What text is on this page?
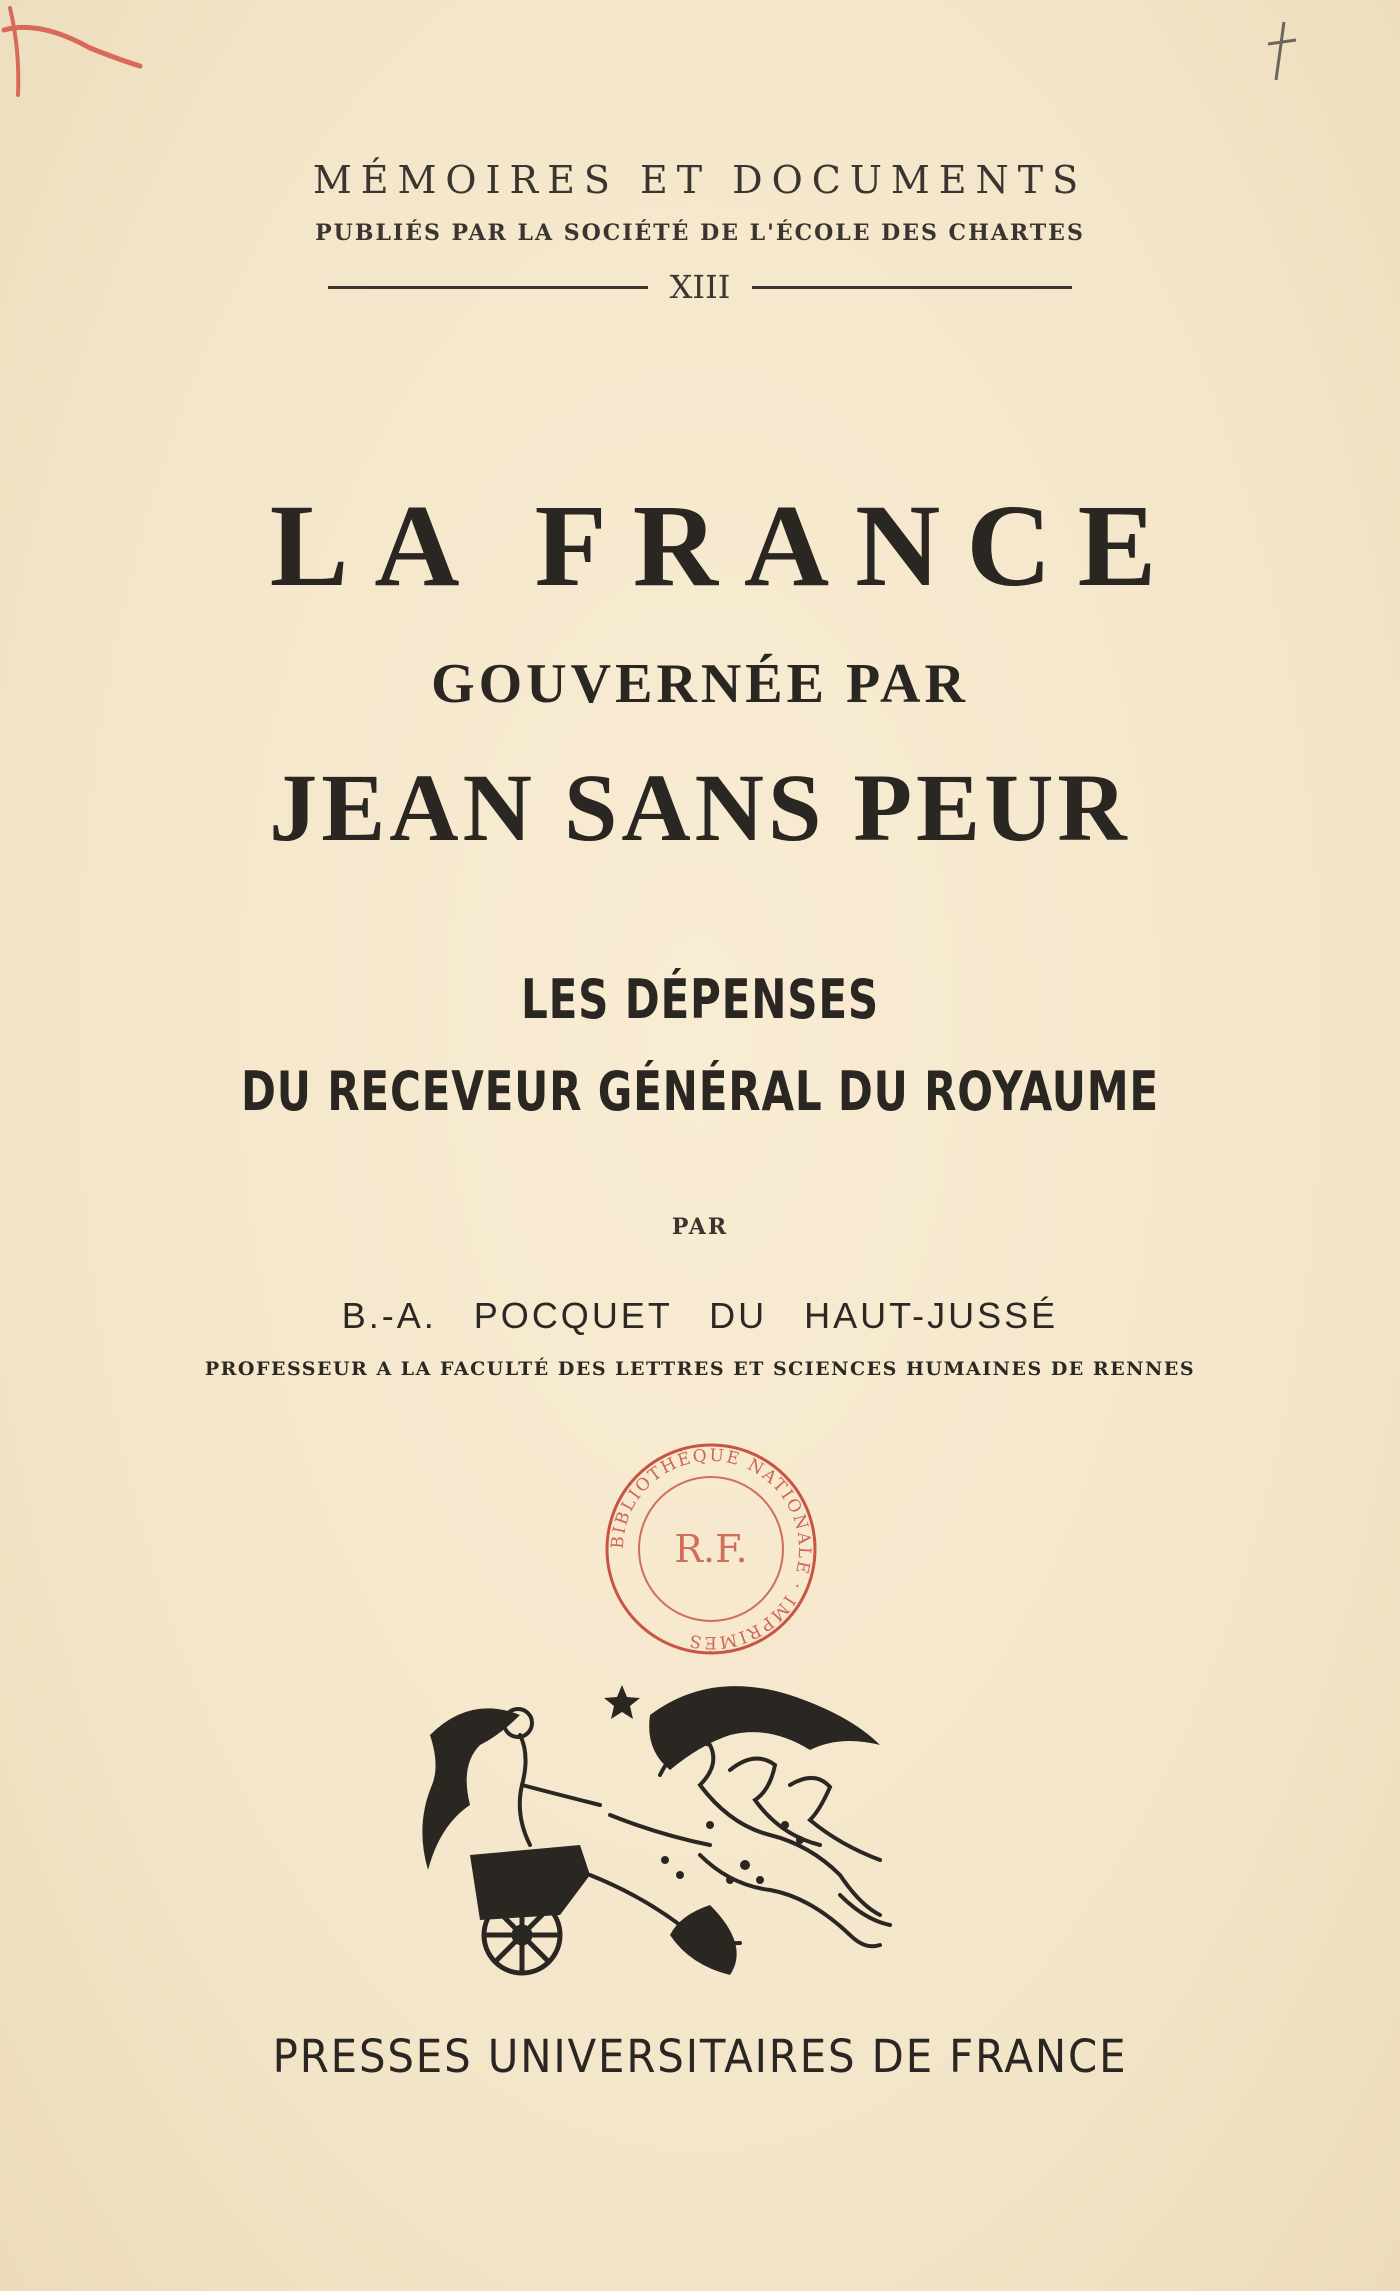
MÉMOIRES ET DOCUMENTS
PUBLIÉS PAR LA SOCIÉTÉ DE L'ÉCOLE DES CHARTES
XIII
LA FRANCE
GOUVERNÉE PAR
JEAN SANS PEUR
LES DÉPENSES
DU RECEVEUR GÉNÉRAL DU ROYAUME
PAR
B.-A. POCQUET DU HAUT-JUSSÉ
PROFESSEUR A LA FACULTÉ DES LETTRES ET SCIENCES HUMAINES DE RENNES
BIBLIOTHÈQUE NATIONALE · IMPRIMÉS
R.F.
PRESSES UNIVERSITAIRES DE FRANCE
